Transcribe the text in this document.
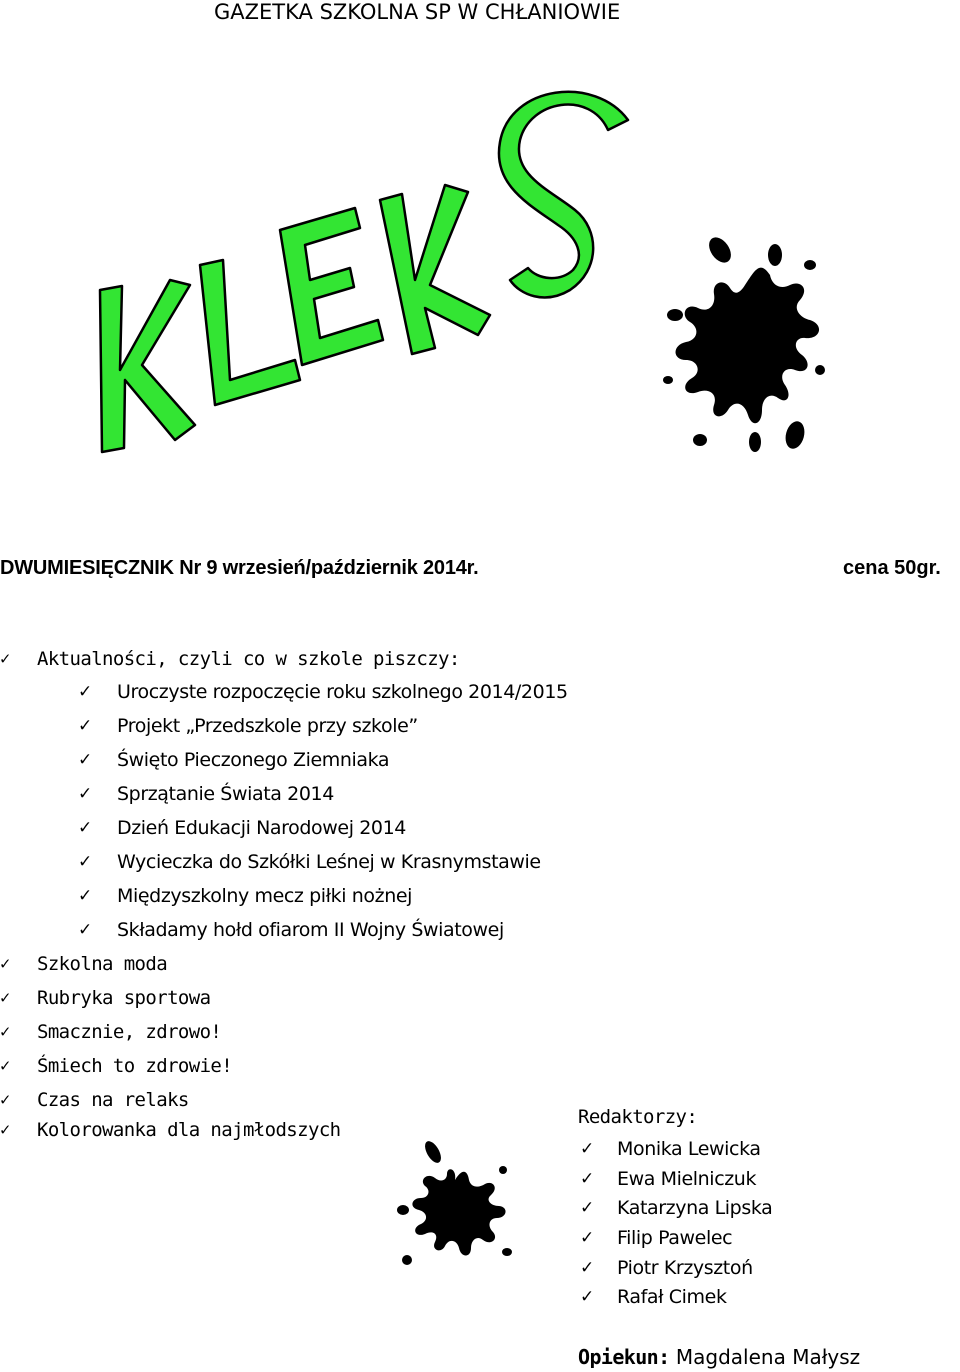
GAZETKA SZKOLNA SP W CHŁANIOWIE
DWUMIESIĘCZNIK Nr 9 wrzesień/październik 2014r.	cena 50gr.
✓ Aktualności, czyli co w szkole piszczy:
✓ Uroczyste rozpoczęcie roku szkolnego 2014/2015
✓ Projekt „Przedszkole przy szkole”
✓ Święto Pieczonego Ziemniaka
✓ Sprzątanie Świata 2014
✓ Dzień Edukacji Narodowej 2014
✓ Wycieczka do Szkółki Leśnej w Krasnymstawie
✓ Międzyszkolny mecz piłki nożnej
✓ Składamy hołd ofiarom II Wojny Światowej
✓ Szkolna moda
✓ Rubryka sportowa
✓ Smacznie, zdrowo!
✓ Śmiech to zdrowie!
✓ Czas na relaks
✓ Kolorowanka dla najmłodszych
Redaktorzy:
✓ Monika Lewicka
✓ Ewa Mielniczuk
✓ Katarzyna Lipska
✓ Filip Pawelec
✓ Piotr Krzysztoń
✓ Rafał Cimek
Opiekun: Magdalena Małysz
